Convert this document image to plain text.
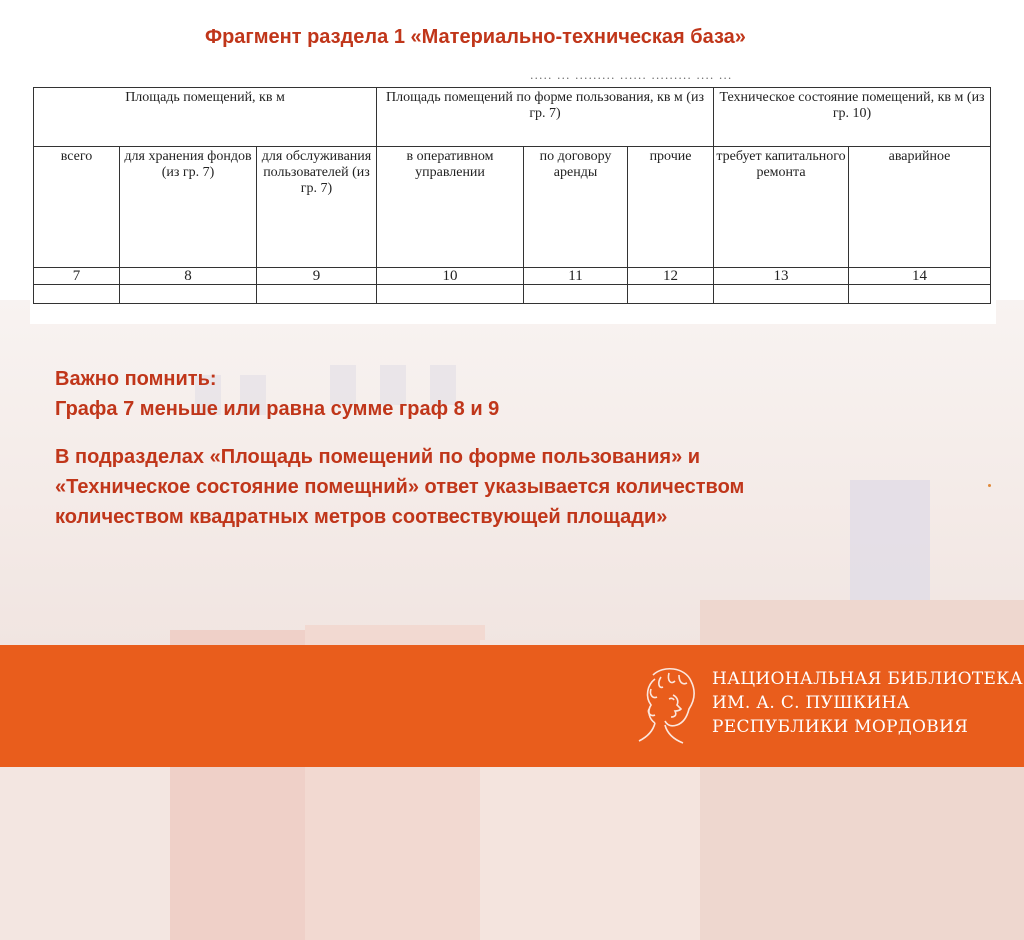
Фрагмент раздела 1 «Материально-техническая база»
····· ··· ········· ······ ········· ···· ···
Площадь помещений, кв м			Площадь помещений по форме пользования, кв м (из гр. 7)			Техническое состояние помещений, кв м (из гр. 10)	
всего	для хранения фондов (из гр. 7)	для обслуживания пользователей (из гр. 7)	в оперативном управлении	по договору аренды	прочие	требует капитального ремонта	аварийное
7	8	9	10	11	12	13	14

Важно помнить:

Графа 7 меньше или равна сумме граф 8 и 9

В подразделах «Площадь помещений по форме пользования» и

«Техническое состояние помещний» ответ указывается количеством

количеством квадратных метров соотвествующей площади»

НАЦИОНАЛЬНАЯ БИБЛИОТЕКА
ИМ. А. С. ПУШКИНА
РЕСПУБЛИКИ МОРДОВИЯ
